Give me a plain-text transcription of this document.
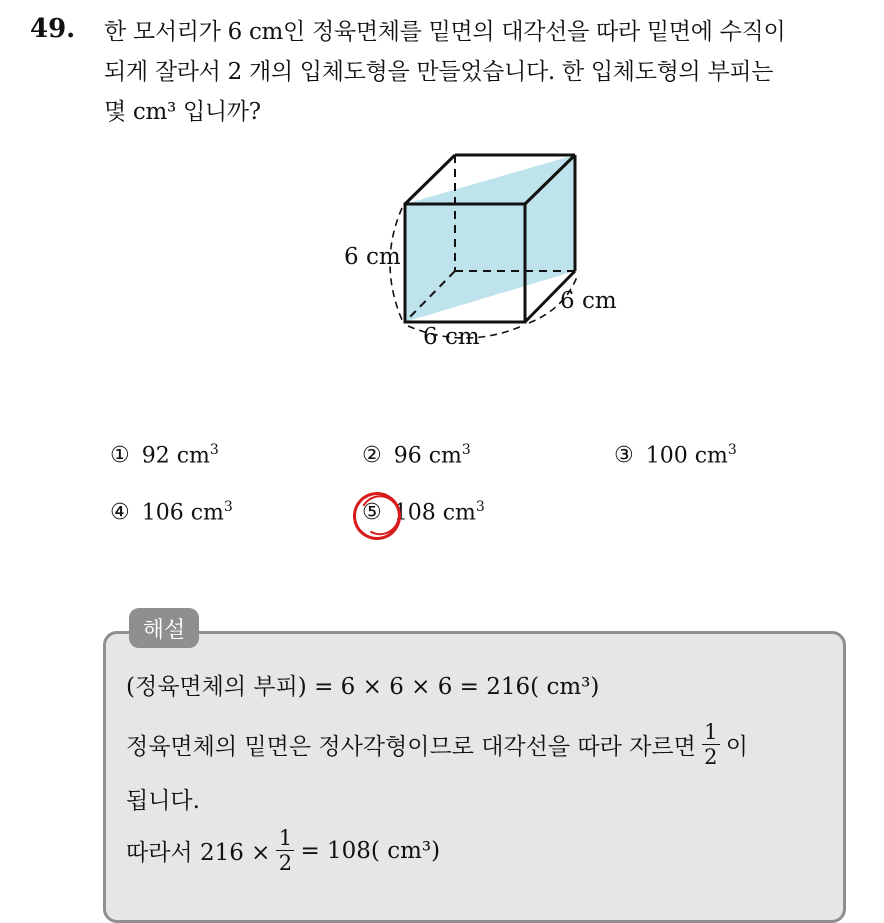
49. 한 모서리가 6 cm인 정육면체를 밑면의 대각선을 따라 밑면에 수직이
되게 잘라서 2 개의 입체도형을 만들었습니다. 한 입체도형의 부피는
몇 cm³ 입니까?
6 cm
6 cm
6 cm
① 92 $cm^3$	② 96 $cm^3$	③ 100 $cm^3$
④ 106 $cm^3$	⑤ 108 $cm^3$
해설
(정육면체의 부피) = 6 × 6 × 6 = 216( cm³)
정육면체의 밑면은 정사각형이므로 대각선을 따라 자르면 $\frac{1}{2}$ 이
됩니다.
따라서 $216 \times \frac{1}{2} = 108$( cm³)
